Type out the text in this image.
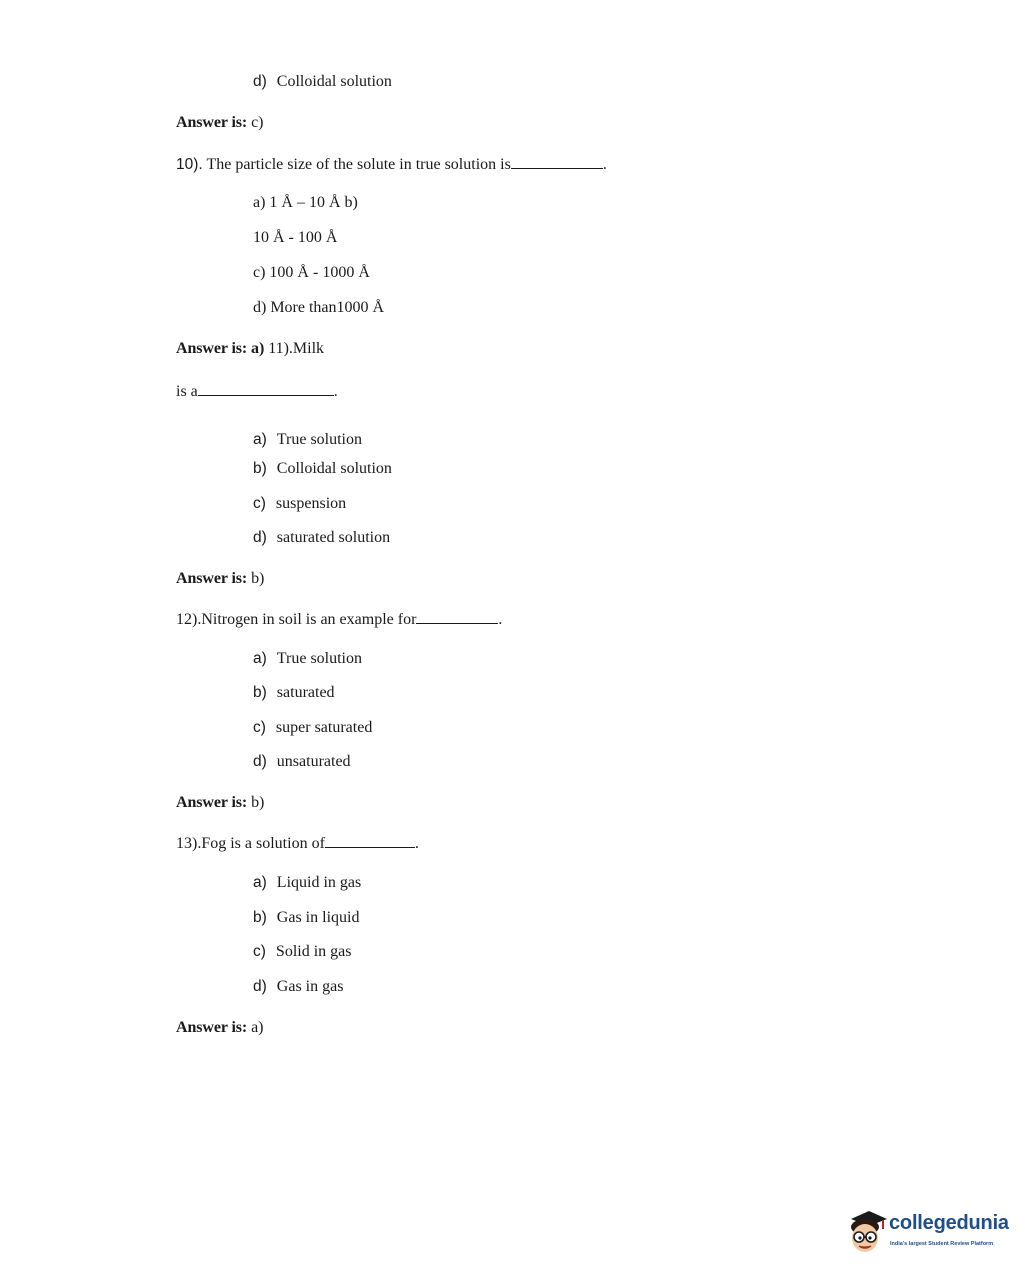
d) Colloidal solution
Answer is: c)
10). The particle size of the solute in true solution is	.
a) 1 Å – 10 Å b)
10 Å - 100 Å
c) 100 Å - 1000 Å
d) More than1000 Å
Answer is: a) 11).Milk
is a	.
a) True solution
b) Colloidal solution
c) suspension
d) saturated solution
Answer is: b)
12).Nitrogen in soil is an example for	.
a) True solution
b) saturated
c) super saturated
d) unsaturated
Answer is: b)
13).Fog is a solution of	.
a) Liquid in gas
b) Gas in liquid
c) Solid in gas
d) Gas in gas
Answer is: a)
collegedunia
India's largest Student Review Platform
